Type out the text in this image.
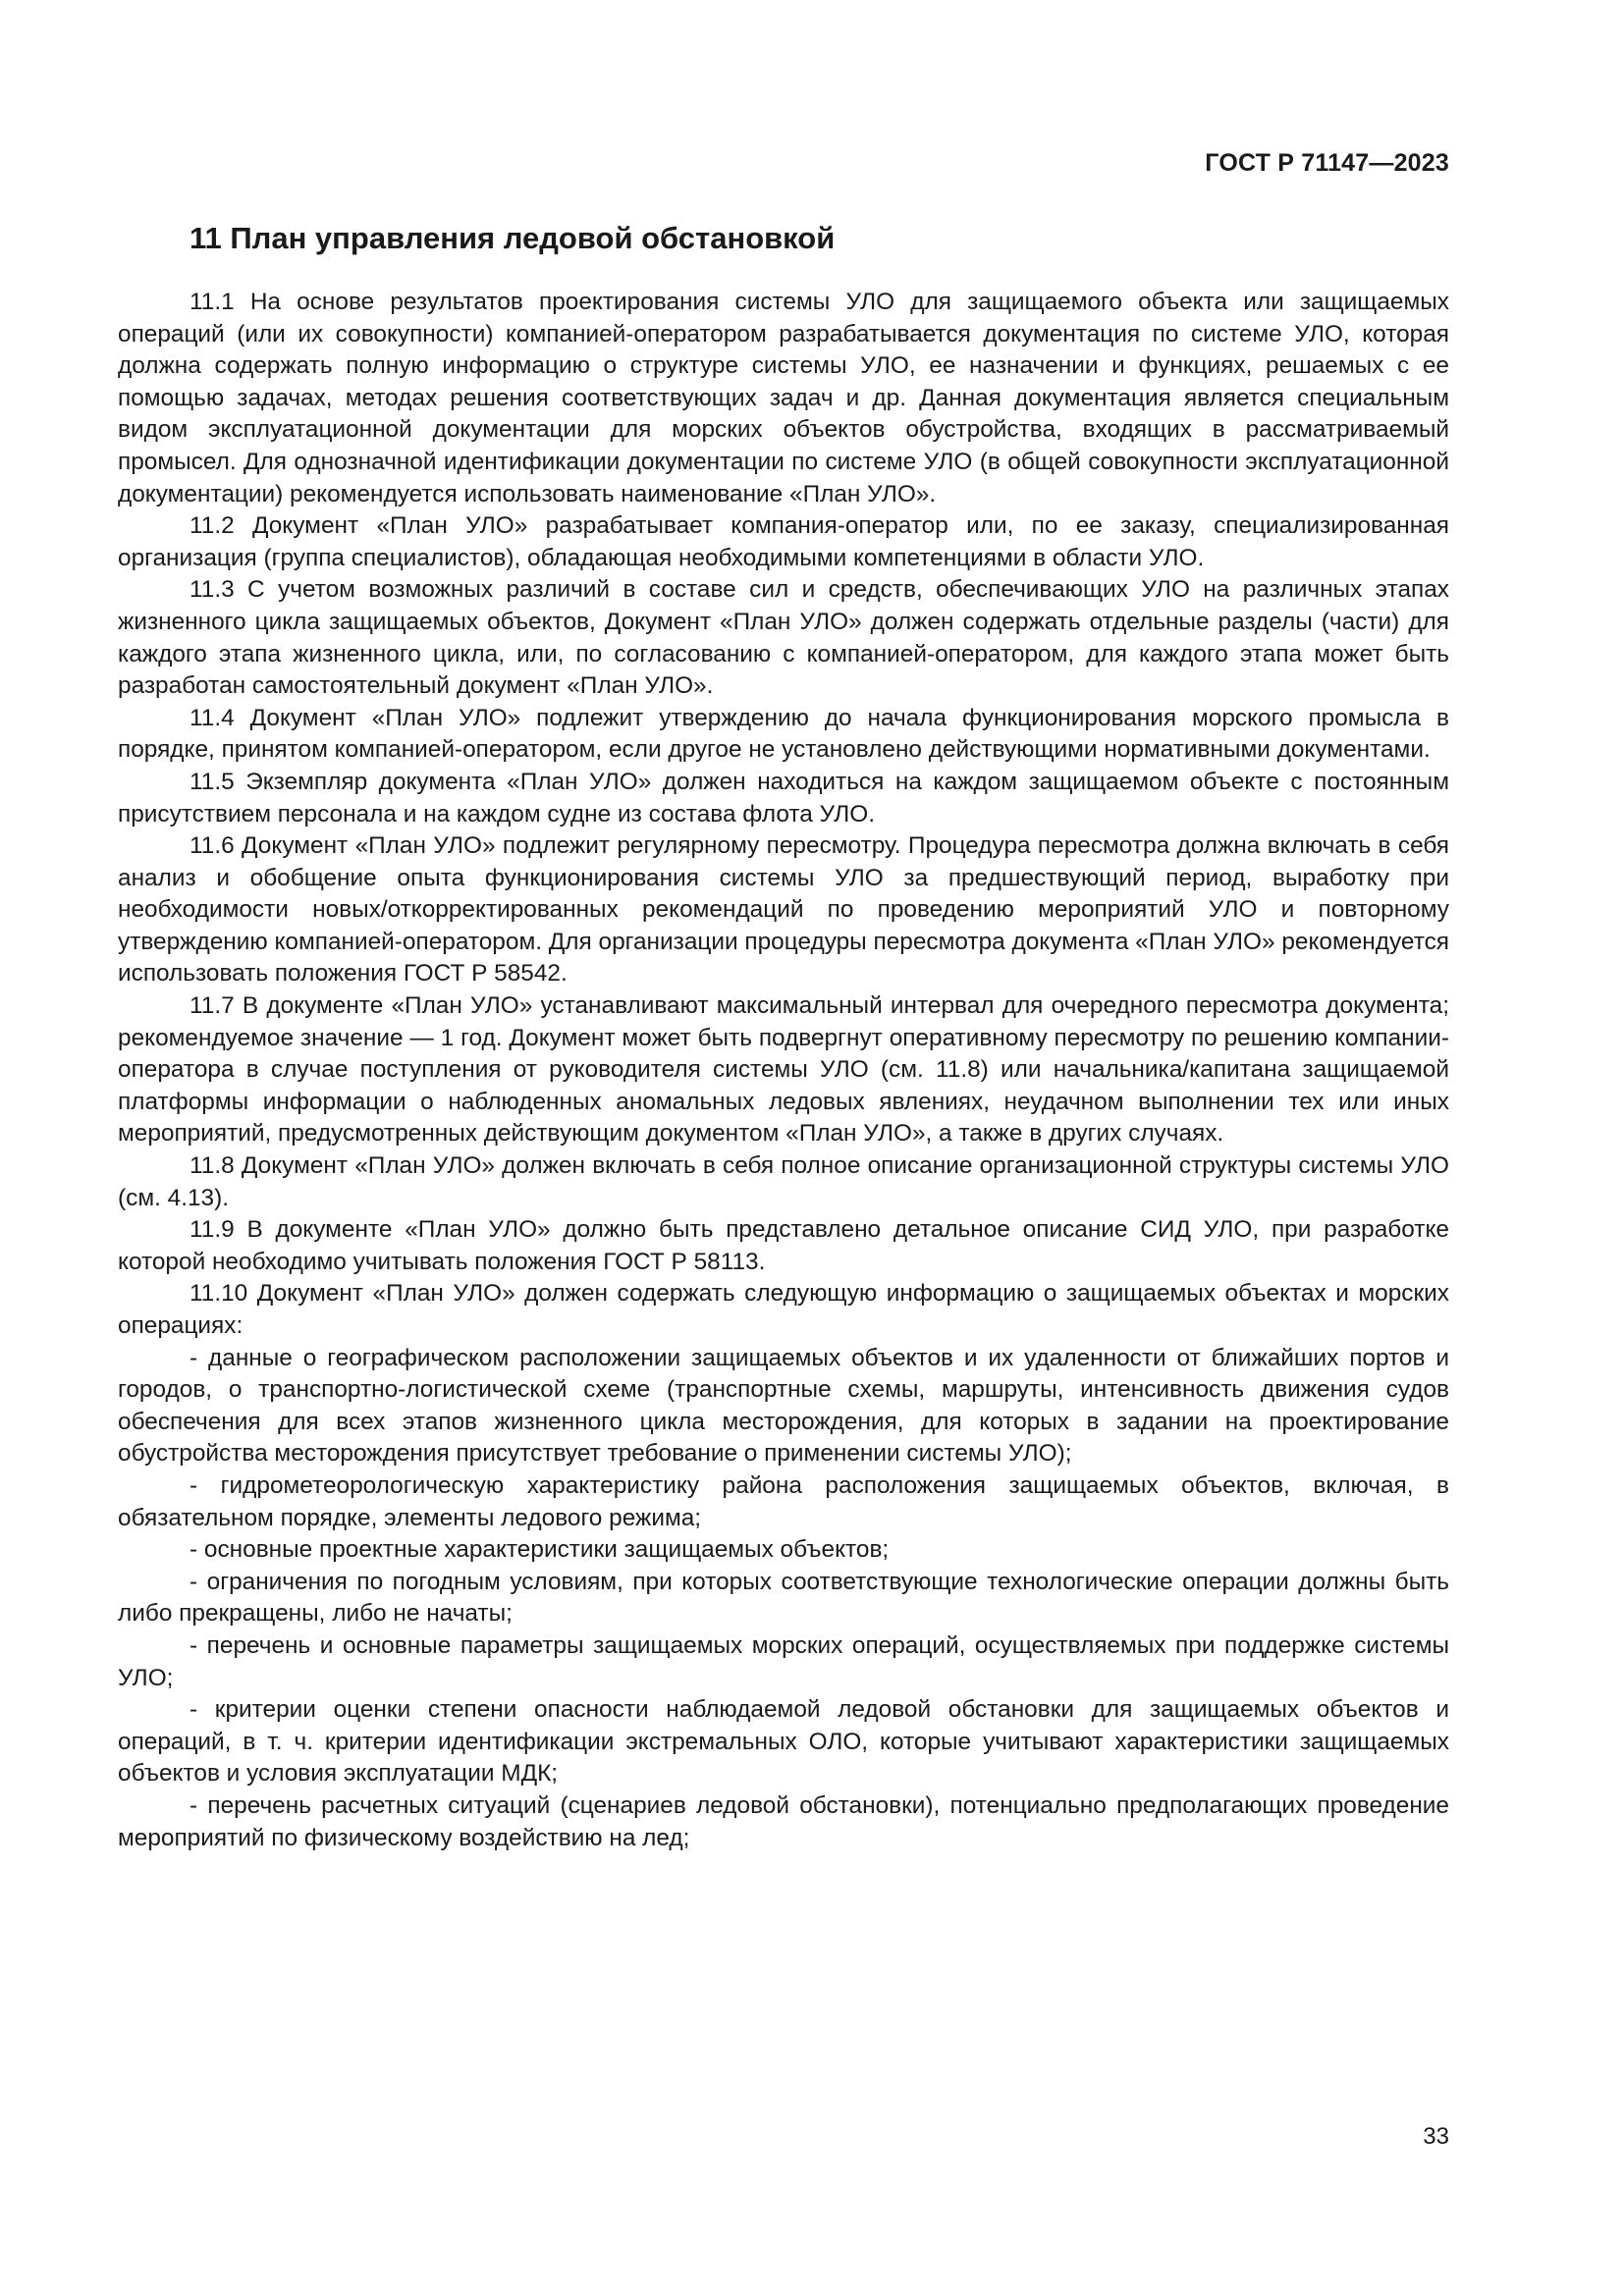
ГОСТ Р 71147—2023
11 План управления ледовой обстановкой

11.1 На основе результатов проектирования системы УЛО для защищаемого объекта или защищаемых операций (или их совокупности) компанией-оператором разрабатывается документация по системе УЛО, которая должна содержать полную информацию о структуре системы УЛО, ее назначении и функциях, решаемых с ее помощью задачах, методах решения соответствующих задач и др. Данная документация является специальным видом эксплуатационной документации для морских объектов обустройства, входящих в рассматриваемый промысел. Для однозначной идентификации документации по системе УЛО (в общей совокупности эксплуатационной документации) рекомендуется использовать наименование «План УЛО».

11.2 Документ «План УЛО» разрабатывает компания-оператор или, по ее заказу, специализированная организация (группа специалистов), обладающая необходимыми компетенциями в области УЛО.

11.3 С учетом возможных различий в составе сил и средств, обеспечивающих УЛО на различных этапах жизненного цикла защищаемых объектов, Документ «План УЛО» должен содержать отдельные разделы (части) для каждого этапа жизненного цикла, или, по согласованию с компанией-оператором, для каждого этапа может быть разработан самостоятельный документ «План УЛО».

11.4 Документ «План УЛО» подлежит утверждению до начала функционирования морского промысла в порядке, принятом компанией-оператором, если другое не установлено действующими нормативными документами.

11.5 Экземпляр документа «План УЛО» должен находиться на каждом защищаемом объекте с постоянным присутствием персонала и на каждом судне из состава флота УЛО.

11.6 Документ «План УЛО» подлежит регулярному пересмотру. Процедура пересмотра должна включать в себя анализ и обобщение опыта функционирования системы УЛО за предшествующий период, выработку при необходимости новых/откорректированных рекомендаций по проведению мероприятий УЛО и повторному утверждению компанией-оператором. Для организации процедуры пересмотра документа «План УЛО» рекомендуется использовать положения ГОСТ Р 58542.

11.7 В документе «План УЛО» устанавливают максимальный интервал для очередного пересмотра документа; рекомендуемое значение — 1 год. Документ может быть подвергнут оперативному пересмотру по решению компании-оператора в случае поступления от руководителя системы УЛО (см. 11.8) или начальника/капитана защищаемой платформы информации о наблюденных аномальных ледовых явлениях, неудачном выполнении тех или иных мероприятий, предусмотренных действующим документом «План УЛО», а также в других случаях.

11.8 Документ «План УЛО» должен включать в себя полное описание организационной структуры системы УЛО (см. 4.13).

11.9 В документе «План УЛО» должно быть представлено детальное описание СИД УЛО, при разработке которой необходимо учитывать положения ГОСТ Р 58113.

11.10 Документ «План УЛО» должен содержать следующую информацию о защищаемых объектах и морских операциях:

- данные о географическом расположении защищаемых объектов и их удаленности от ближайших портов и городов, о транспортно-логистической схеме (транспортные схемы, маршруты, интенсивность движения судов обеспечения для всех этапов жизненного цикла месторождения, для которых в задании на проектирование обустройства месторождения присутствует требование о применении системы УЛО);

- гидрометеорологическую характеристику района расположения защищаемых объектов, включая, в обязательном порядке, элементы ледового режима;

- основные проектные характеристики защищаемых объектов;

- ограничения по погодным условиям, при которых соответствующие технологические операции должны быть либо прекращены, либо не начаты;

- перечень и основные параметры защищаемых морских операций, осуществляемых при поддержке системы УЛО;

- критерии оценки степени опасности наблюдаемой ледовой обстановки для защищаемых объектов и операций, в т. ч. критерии идентификации экстремальных ОЛО, которые учитывают характеристики защищаемых объектов и условия эксплуатации МДК;

- перечень расчетных ситуаций (сценариев ледовой обстановки), потенциально предполагающих проведение мероприятий по физическому воздействию на лед;

33
